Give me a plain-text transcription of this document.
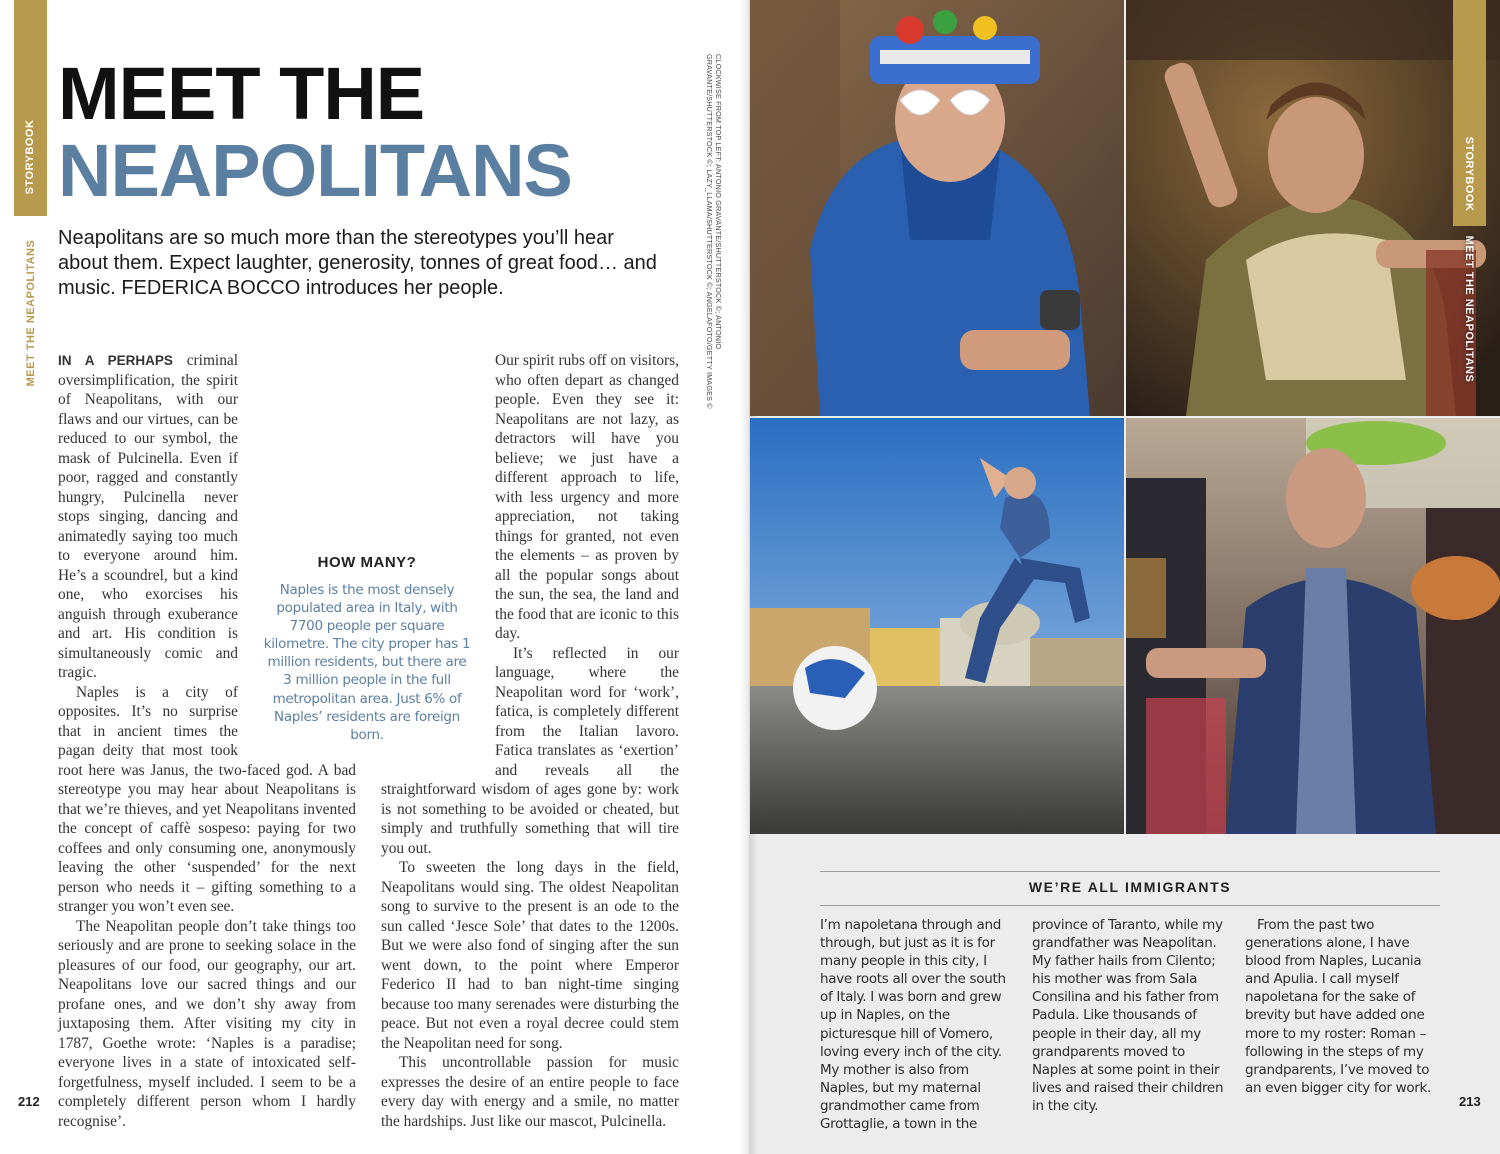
STORYBOOK
MEET THE NEAPOLITANS
MEET THE
NEAPOLITANS

Neapolitans are so much more than the stereotypes you’ll hear about them. Expect laughter, generosity, tonnes of great food… and music. FEDERICA BOCCO introduces her people.

IN A PERHAPS criminal oversimplification, the spirit of Neapolitans, with our flaws and our virtues, can be reduced to our symbol, the mask of Pulcinella. Even if poor, ragged and constantly hungry, Pulcinella never stops singing, dancing and animatedly saying too much to everyone around him. He’s a scoundrel, but a kind one, who exorcises his anguish through exuberance and art. His condition is simultaneously comic and tragic.

Naples is a city of opposites. It’s no surprise that in ancient times the pagan deity that most took root here was Janus, the two-faced god. A bad stereotype you may hear about Neapolitans is that we’re thieves, and yet Neapolitans invented the concept of caffè sospeso: paying for two coffees and only consuming one, anonymously leaving the other ‘suspended’ for the next person who needs it – gifting something to a stranger you won’t even see.

The Neapolitan people don’t take things too seriously and are prone to seeking solace in the pleasures of our food, our geography, our art. Neapolitans love our sacred things and our profane ones, and we don’t shy away from juxtaposing them. After visiting my city in 1787, Goethe wrote: ‘Naples is a paradise; everyone lives in a state of intoxicated self-forgetfulness, myself included. I seem to be a completely different person whom I hardly recognise’.

Our spirit rubs off on visitors, who often depart as changed people. Even they see it: Neapolitans are not lazy, as detractors will have you believe; we just have a different approach to life, with less urgency and more appreciation, not taking things for granted, not even the elements – as proven by all the popular songs about the sun, the sea, the land and the food that are iconic to this day.

It’s reflected in our language, where the Neapolitan word for ‘work’, fatica, is completely different from the Italian lavoro. Fatica translates as ‘exertion’ and reveals all the straightforward wisdom of ages gone by: work is not something to be avoided or cheated, but simply and truthfully something that will tire you out.

To sweeten the long days in the field, Neapolitans would sing. The oldest Neapolitan song to survive to the present is an ode to the sun called ‘Jesce Sole’ that dates to the 1200s. But we were also fond of singing after the sun went down, to the point where Emperor Federico II had to ban night-time singing because too many serenades were disturbing the peace. But not even a royal decree could stem the Neapolitan need for song.

This uncontrollable passion for music expresses the desire of an entire people to face every day with energy and a smile, no matter the hardships. Just like our mascot, Pulcinella.

HOW MANY?

Naples is the most densely populated area in Italy, with 7700 people per square kilometre. The city proper has 1 million residents, but there are 3 million people in the full metropolitan area. Just 6% of Naples’ residents are foreign born.

CLOCKWISE FROM TOP LEFT: ANTONIO GRAVANTE/SHUTTERSTOCK ©; ANTONIO GRAVANTE/SHUTTERSTOCK ©; LAZY_LLAMA/SHUTTERSTOCK ©; ANGELAFOTO/GETTY IMAGES ©	STORYBOOK
MEET THE NEAPOLITANS
WE’RE ALL IMMIGRANTS

I’m napoletana through and through, but just as it is for many people in this city, I have roots all over the south of Italy. I was born and grew up in Naples, on the picturesque hill of Vomero, loving every inch of the city. My mother is also from Naples, but my maternal grandmother came from Grottaglie, a town in the

province of Taranto, while my grandfather was Neapolitan. My father hails from Cilento; his mother was from Sala Consilina and his father from Padula. Like thousands of people in their day, all my grandparents moved to Naples at some point in their lives and raised their children in the city.

From the past two generations alone, I have blood from Naples, Lucania and Apulia. I call myself napoletana for the sake of brevity but have added one more to my roster: Roman – following in the steps of my grandparents, I’ve moved to an even bigger city for work.

212	213
